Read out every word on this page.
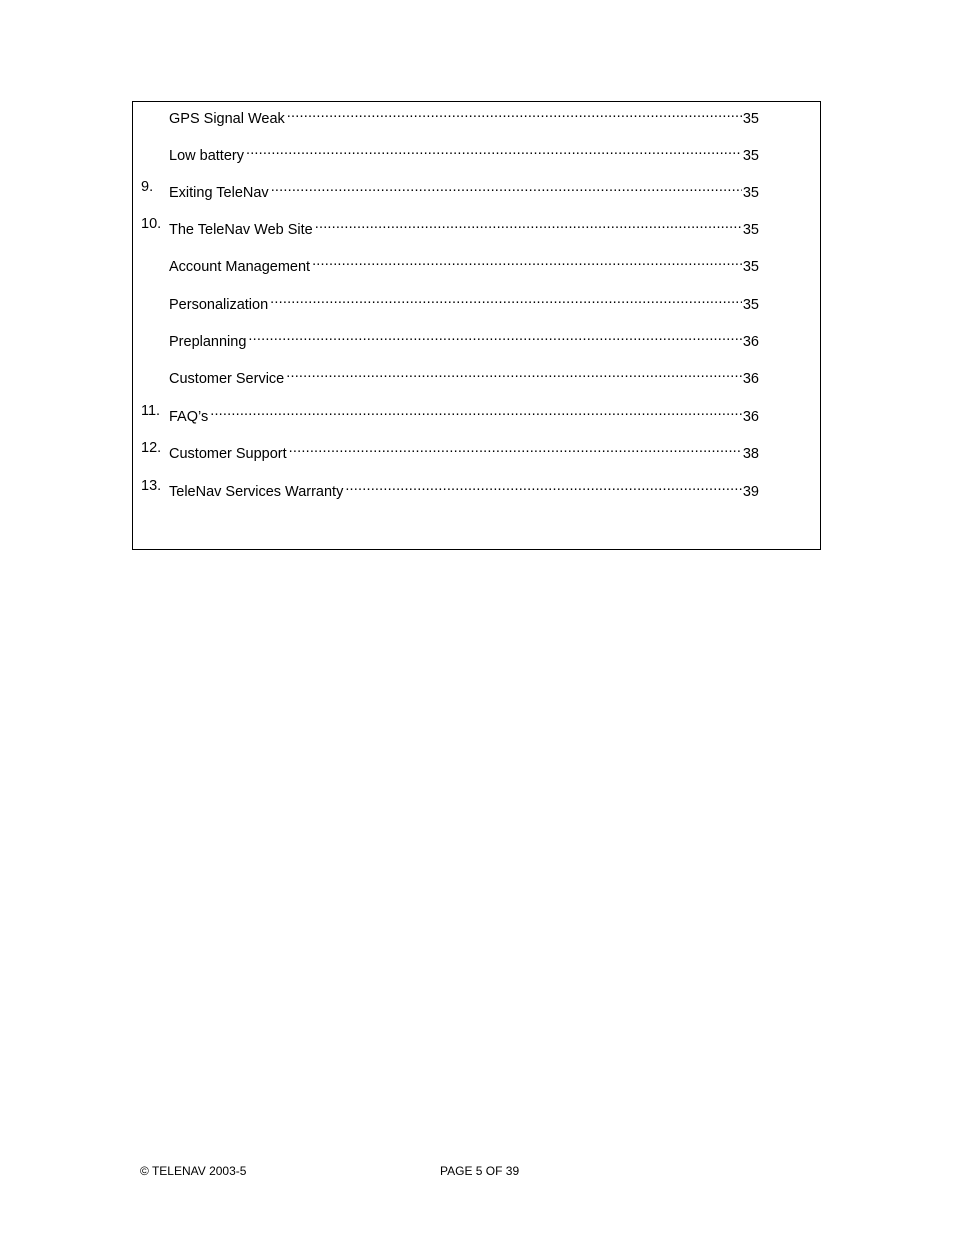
GPS Signal Weak .....	35
Low battery .....	35
9. Exiting TeleNav .....	35
10. The TeleNav Web Site .....	35
Account Management .....	35
Personalization .....	35
Preplanning .....	36
Customer Service .....	36
11. FAQ’s .....	36
12. Customer Support .....	38
13. TeleNav Services Warranty .....	39
© TELENAV 2003-5	PAGE 5 OF 39
